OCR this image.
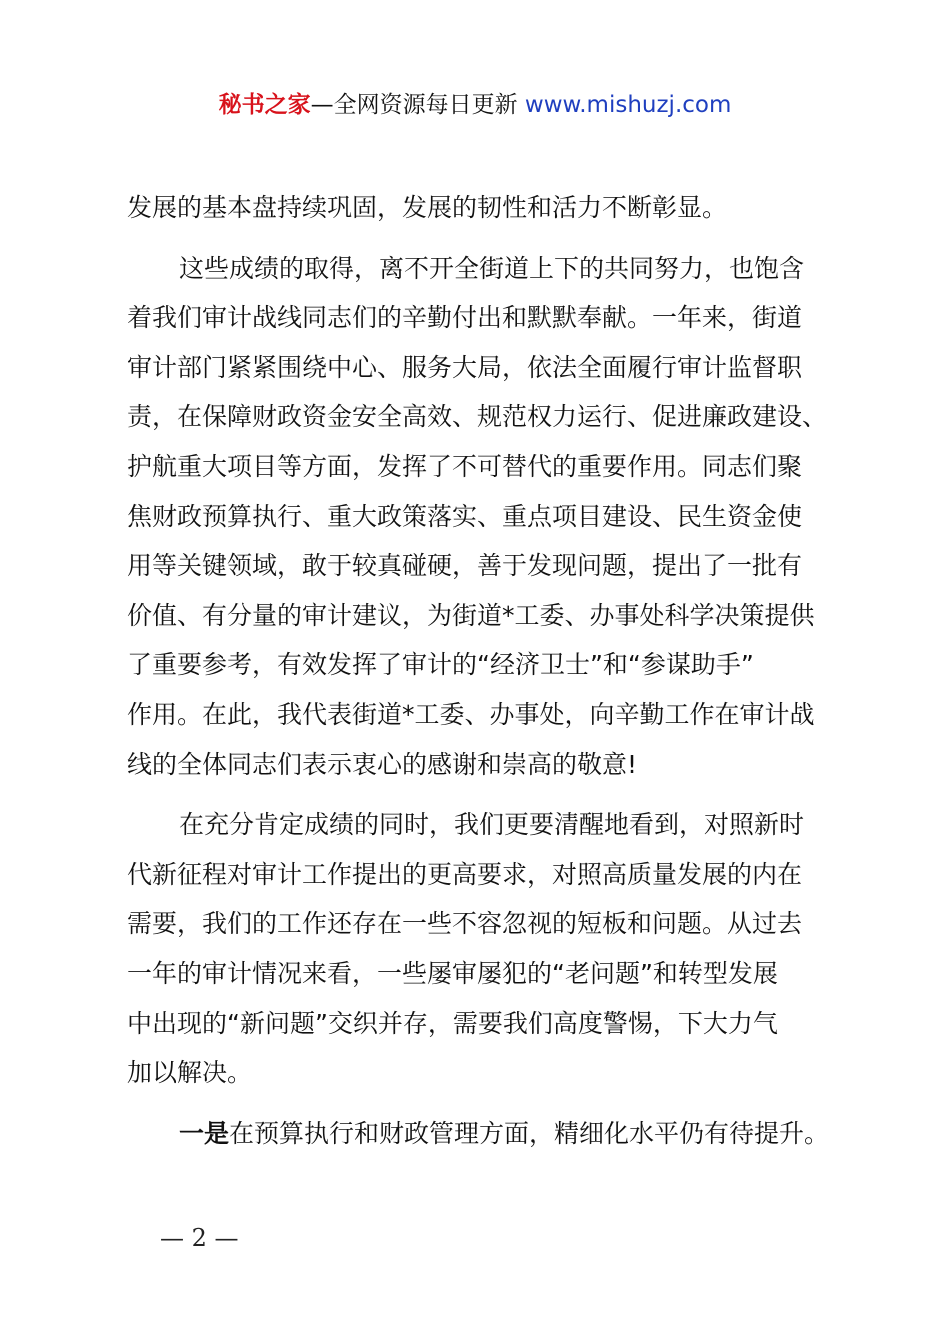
秘书之家—全网资源每日更新 www.mishuzj.com
发展的基本盘持续巩固，发展的韧性和活力不断彰显。
这些成绩的取得，离不开全街道上下的共同努力，也饱含
着我们审计战线同志们的辛勤付出和默默奉献。一年来，街道
审计部门紧紧围绕中心、服务大局，依法全面履行审计监督职
责，在保障财政资金安全高效、规范权力运行、促进廉政建设、
护航重大项目等方面，发挥了不可替代的重要作用。同志们聚
焦财政预算执行、重大政策落实、重点项目建设、民生资金使
用等关键领域，敢于较真碰硬，善于发现问题，提出了一批有
价值、有分量的审计建议，为街道*工委、办事处科学决策提供
了重要参考，有效发挥了审计的“经济卫士”和“参谋助手”
作用。在此，我代表街道*工委、办事处，向辛勤工作在审计战
线的全体同志们表示衷心的感谢和崇高的敬意!
在充分肯定成绩的同时，我们更要清醒地看到，对照新时
代新征程对审计工作提出的更高要求，对照高质量发展的内在
需要，我们的工作还存在一些不容忽视的短板和问题。从过去
一年的审计情况来看，一些屡审屡犯的“老问题”和转型发展
中出现的“新问题”交织并存，需要我们高度警惕，下大力气
加以解决。
一是在预算执行和财政管理方面，精细化水平仍有待提升。
— 2 —
